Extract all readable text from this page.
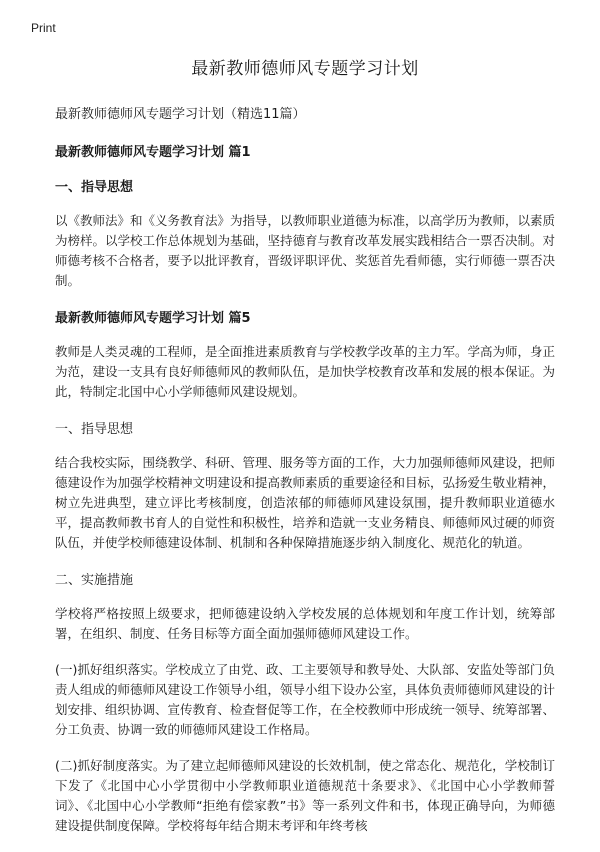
Print
最新教师德师风专题学习计划
最新教师德师风专题学习计划（精选11篇）
最新教师德师风专题学习计划 篇1
一、指导思想
以《教师法》和《义务教育法》为指导，以教师职业道德为标准，以高学历为教师，以素质为榜样。以学校工作总体规划为基础，坚持德育与教育改革发展实践相结合一票否决制。对师德考核不合格者，要予以批评教育，晋级评职评优、奖惩首先看师德，实行师德一票否决制。
最新教师德师风专题学习计划 篇5
教师是人类灵魂的工程师，是全面推进素质教育与学校教学改革的主力军。学高为师，身正为范，建设一支具有良好师德师风的教师队伍，是加快学校教育改革和发展的根本保证。为此，特制定北国中心小学师德师风建设规划。
一、指导思想
结合我校实际，围绕教学、科研、管理、服务等方面的工作，大力加强师德师风建设，把师德建设作为加强学校精神文明建设和提高教师素质的重要途径和目标，弘扬爱生敬业精神，树立先进典型，建立评比考核制度，创造浓郁的师德师风建设氛围，提升教师职业道德水平，提高教师教书育人的自觉性和积极性，培养和造就一支业务精良、师德师风过硬的师资队伍，并使学校师德建设体制、机制和各种保障措施逐步纳入制度化、规范化的轨道。
二、实施措施
学校将严格按照上级要求，把师德建设纳入学校发展的总体规划和年度工作计划，统筹部署，在组织、制度、任务目标等方面全面加强师德师风建设工作。
(一)抓好组织落实。学校成立了由党、政、工主要领导和教导处、大队部、安监处等部门负责人组成的师德师风建设工作领导小组，领导小组下设办公室，具体负责师德师风建设的计划安排、组织协调、宣传教育、检查督促等工作，在全校教师中形成统一领导、统筹部署、分工负责、协调一致的师德师风建设工作格局。
(二)抓好制度落实。为了建立起师德师风建设的长效机制，使之常态化、规范化，学校制订下发了《北国中心小学贯彻中小学教师职业道德规范十条要求》、《北国中心小学教师誓词》、《北国中心小学教师“拒绝有偿家教”书》等一系列文件和书，体现正确导向，为师德建设提供制度保障。学校将每年结合期末考评和年终考核
